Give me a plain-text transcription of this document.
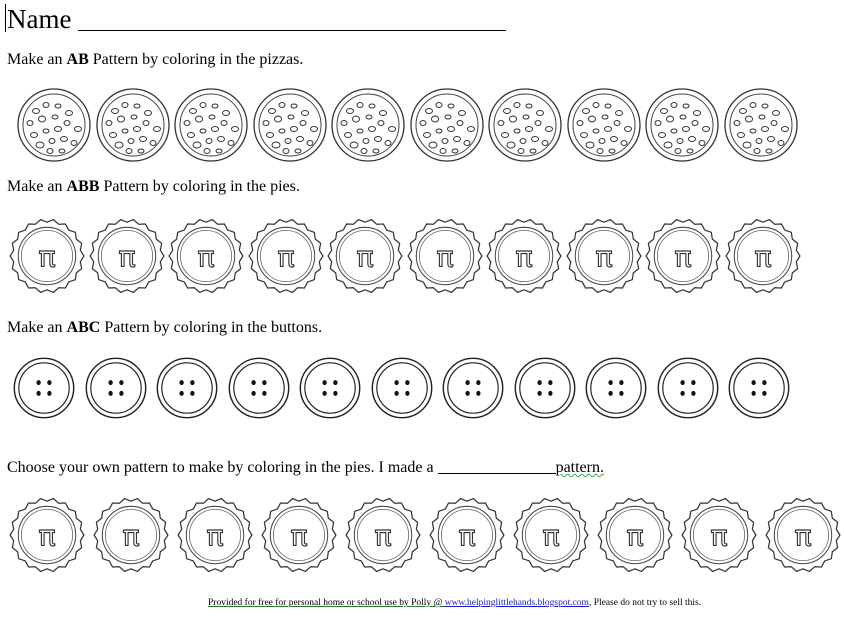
Name
Make an AB Pattern by coloring in the pizzas.
Make an ABB Pattern by coloring in the pies.
π π π π π π π π π π
Make an ABC Pattern by coloring in the buttons.
Choose your own pattern to make by coloring in the pies. I made a	pattern.
π π π π π π π π π π
Provided for free for personal home or school use by Polly @ www.helpinglittlehands.blogspot.com, Please do not try to sell this.
